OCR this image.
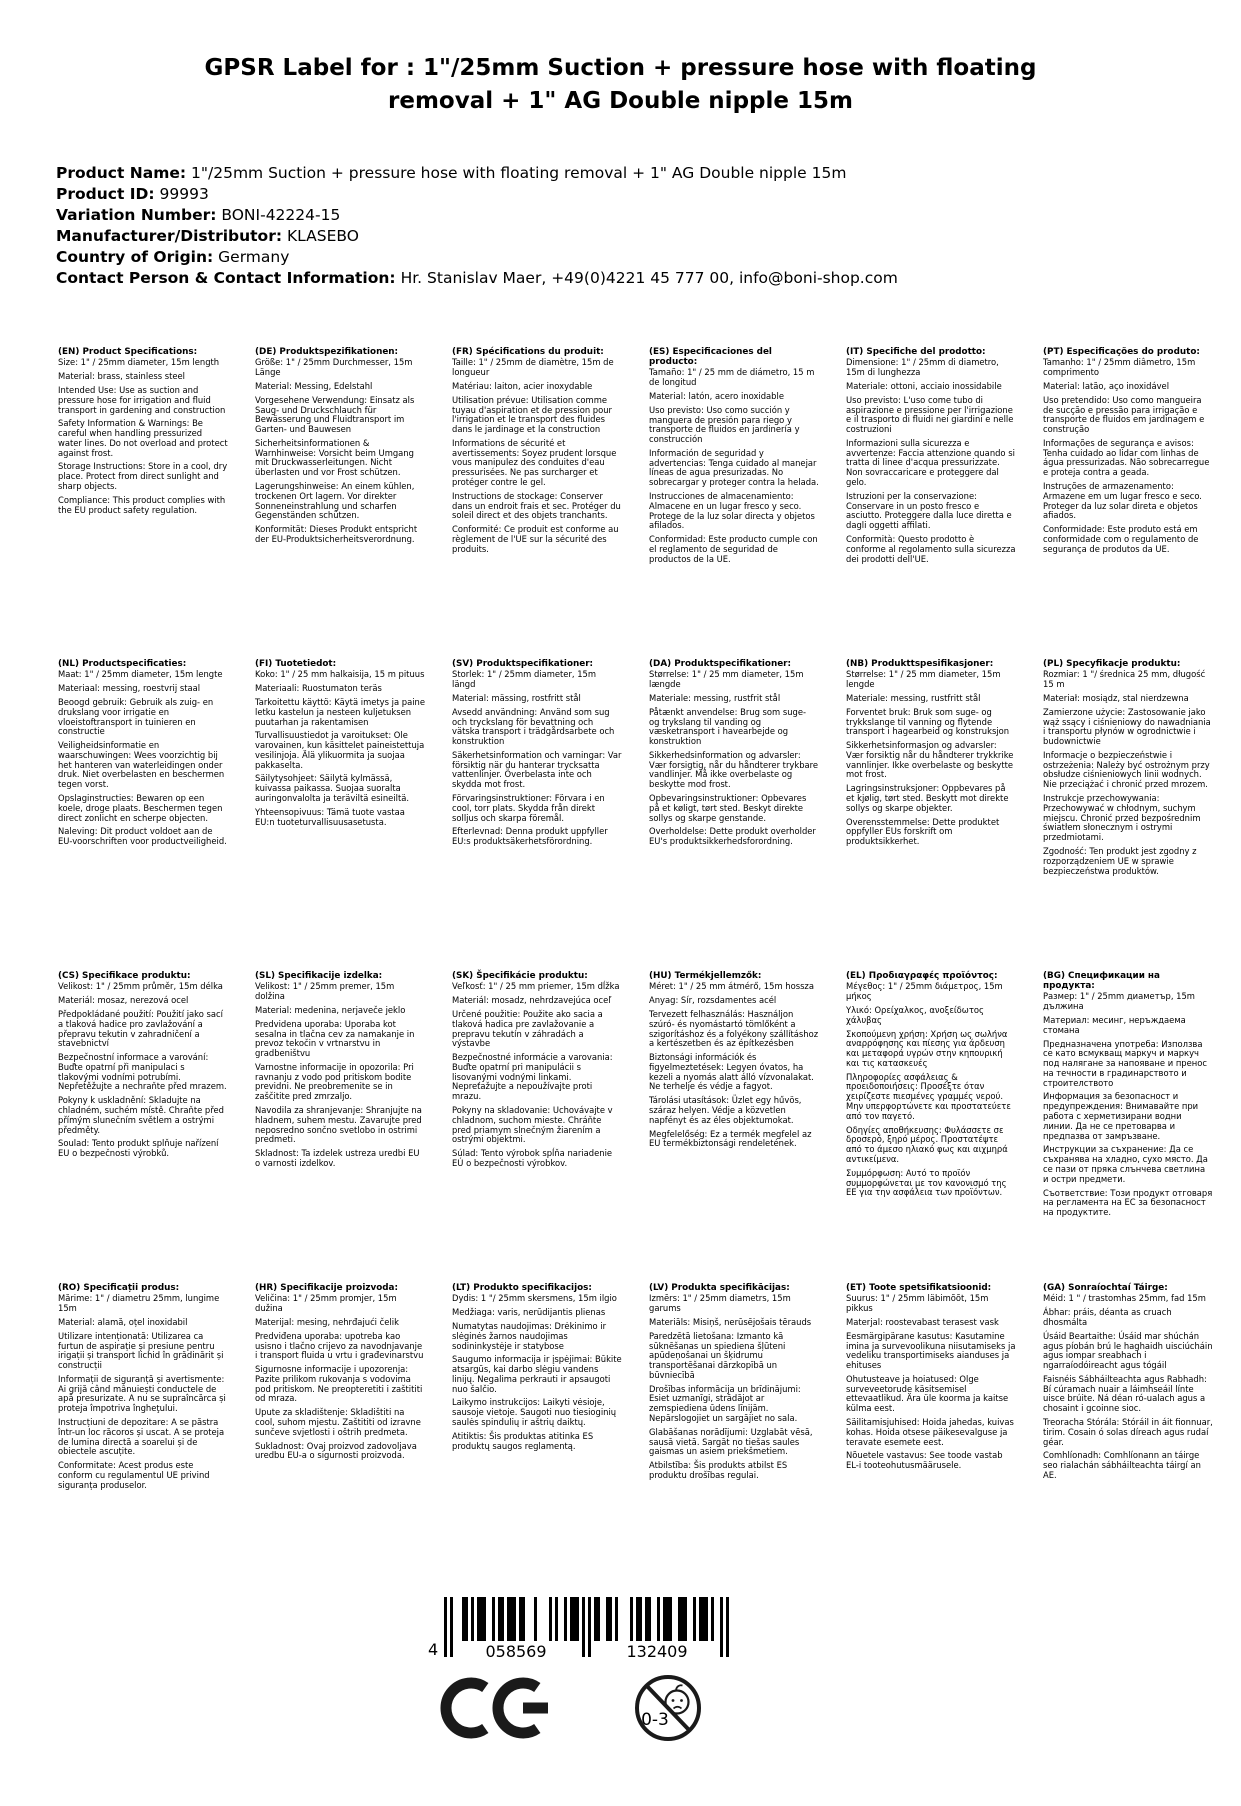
GPSR Label for : 1"/25mm Suction + pressure hose with floating removal + 1" AG Double nipple 15m
Product Name: 1"/25mm Suction + pressure hose with floating removal + 1" AG Double nipple 15m
Product ID: 99993
Variation Number: BONI-42224-15
Manufacturer/Distributor: KLASEBO
Country of Origin: Germany
Contact Person & Contact Information: Hr. Stanislav Maer, +49(0)4221 45 777 00, info@boni-shop.com
(EN) Product Specifications:

Size: 1" / 25mm diameter, 15m length

Material: brass, stainless steel

Intended Use: Use as suction and pressure hose for irrigation and fluid transport in gardening and construction

Safety Information & Warnings: Be careful when handling pressurized water lines. Do not overload and protect against frost.

Storage Instructions: Store in a cool, dry place. Protect from direct sunlight and sharp objects.

Compliance: This product complies with the EU product safety regulation.

(DE) Produktspezifikationen:

Größe: 1" / 25mm Durchmesser, 15m Länge

Material: Messing, Edelstahl

Vorgesehene Verwendung: Einsatz als Saug- und Druckschlauch für Bewässerung und Fluidtransport im Garten- und Bauwesen

Sicherheitsinformationen & Warnhinweise: Vorsicht beim Umgang mit Druckwasserleitungen. Nicht überlasten und vor Frost schützen.

Lagerungshinweise: An einem kühlen, trockenen Ort lagern. Vor direkter Sonneneinstrahlung und scharfen Gegenständen schützen.

Konformität: Dieses Produkt entspricht der EU-Produktsicherheitsverordnung.

(FR) Spécifications du produit:

Taille: 1" / 25mm de diamètre, 15m de longueur

Matériau: laiton, acier inoxydable

Utilisation prévue: Utilisation comme tuyau d'aspiration et de pression pour l'irrigation et le transport des fluides dans le jardinage et la construction

Informations de sécurité et avertissements: Soyez prudent lorsque vous manipulez des conduites d'eau pressurisées. Ne pas surcharger et protéger contre le gel.

Instructions de stockage: Conserver dans un endroit frais et sec. Protéger du soleil direct et des objets tranchants.

Conformité: Ce produit est conforme au règlement de l'UE sur la sécurité des produits.

(ES) Especificaciones del producto:

Tamaño: 1" / 25 mm de diámetro, 15 m de longitud

Material: latón, acero inoxidable

Uso previsto: Uso como succión y manguera de presión para riego y transporte de fluidos en jardinería y construcción

Información de seguridad y advertencias: Tenga cuidado al manejar líneas de agua presurizadas. No sobrecargar y proteger contra la helada.

Instrucciones de almacenamiento: Almacene en un lugar fresco y seco. Protege de la luz solar directa y objetos afilados.

Conformidad: Este producto cumple con el reglamento de seguridad de productos de la UE.

(IT) Specifiche del prodotto:

Dimensione: 1" / 25mm di diametro, 15m di lunghezza

Materiale: ottoni, acciaio inossidabile

Uso previsto: L'uso come tubo di aspirazione e pressione per l'irrigazione e il trasporto di fluidi nei giardini e nelle costruzioni

Informazioni sulla sicurezza e avvertenze: Faccia attenzione quando si tratta di linee d'acqua pressurizzate. Non sovraccaricare e proteggere dal gelo.

Istruzioni per la conservazione: Conservare in un posto fresco e asciutto. Proteggere dalla luce diretta e dagli oggetti affilati.

Conformità: Questo prodotto è conforme al regolamento sulla sicurezza dei prodotti dell'UE.

(PT) Especificações do produto:

Tamanho: 1" / 25mm diâmetro, 15m comprimento

Material: latão, aço inoxidável

Uso pretendido: Uso como mangueira de sucção e pressão para irrigação e transporte de fluidos em jardinagem e construção

Informações de segurança e avisos: Tenha cuidado ao lidar com linhas de água pressurizadas. Não sobrecarregue e proteja contra a geada.

Instruções de armazenamento: Armazene em um lugar fresco e seco. Proteger da luz solar direta e objetos afiados.

Conformidade: Este produto está em conformidade com o regulamento de segurança de produtos da UE.

(NL) Productspecificaties:

Maat: 1" / 25mm diameter, 15m lengte

Materiaal: messing, roestvrij staal

Beoogd gebruik: Gebruik als zuig- en drukslang voor irrigatie en vloeistoftransport in tuinieren en constructie

Veiligheidsinformatie en waarschuwingen: Wees voorzichtig bij het hanteren van waterleidingen onder druk. Niet overbelasten en beschermen tegen vorst.

Opslaginstructies: Bewaren op een koele, droge plaats. Beschermen tegen direct zonlicht en scherpe objecten.

Naleving: Dit product voldoet aan de EU-voorschriften voor productveiligheid.

(FI) Tuotetiedot:

Koko: 1" / 25 mm halkaisija, 15 m pituus

Materiaali: Ruostumaton teräs

Tarkoitettu käyttö: Käytä imetys ja paine letku kastelun ja nesteen kuljetuksen puutarhan ja rakentamisen

Turvallisuustiedot ja varoitukset: Ole varovainen, kun käsittelet paineistettuja vesilinjoja. Älä ylikuormita ja suojaa pakkaselta.

Säilytysohjeet: Säilytä kylmässä, kuivassa paikassa. Suojaa suoralta auringonvalolta ja teräviltä esineiltä.

Yhteensopivuus: Tämä tuote vastaa EU:n tuoteturvallisuusasetusta.

(SV) Produktspecifikationer:

Storlek: 1" / 25mm diameter, 15m längd

Material: mässing, rostfritt stål

Avsedd användning: Använd som sug och tryckslang för bevattning och vätska transport i trädgårdsarbete och konstruktion

Säkerhetsinformation och varningar: Var försiktig när du hanterar trycksatta vattenlinjer. Överbelasta inte och skydda mot frost.

Förvaringsinstruktioner: Förvara i en cool, torr plats. Skydda från direkt solljus och skarpa föremål.

Efterlevnad: Denna produkt uppfyller EU:s produktsäkerhetsförordning.

(DA) Produktspecifikationer:

Størrelse: 1" / 25 mm diameter, 15m længde

Materiale: messing, rustfrit stål

Påtænkt anvendelse: Brug som suge- og trykslang til vanding og væsketransport i havearbejde og konstruktion

Sikkerhedsinformation og advarsler: Vær forsigtig, når du håndterer trykbare vandlinjer. Må ikke overbelaste og beskytte mod frost.

Opbevaringsinstruktioner: Opbevares på et køligt, tørt sted. Beskyt direkte sollys og skarpe genstande.

Overholdelse: Dette produkt overholder EU's produktsikkerhedsforordning.

(NB) Produkttspesifikasjoner:

Størrelse: 1" / 25 mm diameter, 15m lengde

Materiale: messing, rustfritt stål

Forventet bruk: Bruk som suge- og trykkslange til vanning og flytende transport i hagearbeid og konstruksjon

Sikkerhetsinformasjon og advarsler: Vær forsiktig når du håndterer trykkrike vannlinjer. Ikke overbelaste og beskytte mot frost.

Lagringsinstruksjoner: Oppbevares på et kjølig, tørt sted. Beskytt mot direkte sollys og skarpe objekter.

Overensstemmelse: Dette produktet oppfyller EUs forskrift om produktsikkerhet.

(PL) Specyfikacje produktu:

Rozmiar: 1 "/ średnica 25 mm, długość 15 m

Materiał: mosiądz, stal nierdzewna

Zamierzone użycie: Zastosowanie jako wąż ssący i ciśnieniowy do nawadniania i transportu płynów w ogrodnictwie i budownictwie

Informacje o bezpieczeństwie i ostrzeżenia: Należy być ostrożnym przy obsłudze ciśnieniowych linii wodnych. Nie przeciążać i chronić przed mrozem.

Instrukcje przechowywania: Przechowywać w chłodnym, suchym miejscu. Chronić przed bezpośrednim światłem słonecznym i ostrymi przedmiotami.

Zgodność: Ten produkt jest zgodny z rozporządzeniem UE w sprawie bezpieczeństwa produktów.

(CS) Specifikace produktu:

Velikost: 1" / 25mm průměr, 15m délka

Materiál: mosaz, nerezová ocel

Předpokládané použití: Použití jako sací a tlaková hadice pro zavlažování a přepravu tekutin v zahradničení a stavebnictví

Bezpečnostní informace a varování: Buďte opatrní při manipulaci s tlakovými vodními potrubími. Nepřetěžujte a nechraňte před mrazem.

Pokyny k uskladnění: Skladujte na chladném, suchém místě. Chraňte před přímým slunečním světlem a ostrými předměty.

Soulad: Tento produkt splňuje nařízení EU o bezpečnosti výrobků.

(SL) Specifikacije izdelka:

Velikost: 1" / 25mm premer, 15m dolžina

Material: medenina, nerjaveče jeklo

Predvidena uporaba: Uporaba kot sesalna in tlačna cev za namakanje in prevoz tekočin v vrtnarstvu in gradbeništvu

Varnostne informacije in opozorila: Pri ravnanju z vodo pod pritiskom bodite previdni. Ne preobremenite se in zaščitite pred zmrzaljo.

Navodila za shranjevanje: Shranjujte na hladnem, suhem mestu. Zavarujte pred neposredno sončno svetlobo in ostrimi predmeti.

Skladnost: Ta izdelek ustreza uredbi EU o varnosti izdelkov.

(SK) Špecifikácie produktu:

Veľkosť: 1" / 25 mm priemer, 15m dĺžka

Materiál: mosadz, nehrdzavejúca oceľ

Určené použitie: Použite ako sacia a tlaková hadica pre zavlažovanie a prepravu tekutín v záhradách a výstavbe

Bezpečnostné informácie a varovania: Buďte opatrní pri manipulácii s lisovanými vodnými linkami. Nepreťažujte a nepoužívajte proti mrazu.

Pokyny na skladovanie: Uchovávajte v chladnom, suchom mieste. Chráňte pred priamym slnečným žiarením a ostrými objektmi.

Súlad: Tento výrobok spĺňa nariadenie EÚ o bezpečnosti výrobkov.

(HU) Termékjellemzők:

Méret: 1" / 25 mm átmérő, 15m hossza

Anyag: Sír, rozsdamentes acél

Tervezett felhasználás: Használjon szúró- és nyomástartó tömlőként a szigorításhoz és a folyékony szállításhoz a kertészetben és az építkezésben

Biztonsági információk és figyelmeztetések: Legyen óvatos, ha kezeli a nyomás alatt álló vízvonalakat. Ne terhelje és védje a fagyot.

Tárolási utasítások: Üzlet egy hűvös, száraz helyen. Védje a közvetlen napfényt és az éles objektumokat.

Megfelelőség: Ez a termék megfelel az EU termékbiztonsági rendeletének.

(EL) Προδιαγραφές προϊόντος:

Μέγεθος: 1" / 25mm διάμετρος, 15m μήκος

Υλικό: Ορείχαλκος, ανοξείδωτος χάλυβας

Σκοπούμενη χρήση: Χρήση ως σωλήνα αναρρόφησης και πίεσης για άρδευση και μεταφορά υγρών στην κηπουρική και τις κατασκευές

Πληροφορίες ασφάλειας & προειδοποιήσεις: Προσέξτε όταν χειρίζεστε πιεσμένες γραμμές νερού. Μην υπερφορτώνετε και προστατεύετε από τον παγετό.

Οδηγίες αποθήκευσης: Φυλάσσετε σε δροσερό, ξηρό μέρος. Προστατέψτε από το άμεσο ηλιακό φως και αιχμηρά αντικείμενα.

Συμμόρφωση: Αυτό το προϊόν συμμορφώνεται με τον κανονισμό της ΕΕ για την ασφάλεια των προϊόντων.

(BG) Спецификации на продукта:

Размер: 1" / 25mm диаметър, 15m дължина

Материал: месинг, неръждаема стомана

Предназначена употреба: Използва се като всмукващ маркуч и маркуч под налягане за напояване и пренос на течности в градинарството и строителството

Информация за безопасност и предупреждения: Внимавайте при работа с херметизирани водни линии. Да не се претоварва и предпазва от замръзване.

Инструкции за съхранение: Да се съхранява на хладно, сухо място. Да се пази от пряка слънчева светлина и остри предмети.

Съответствие: Този продукт отговаря на регламента на ЕС за безопасност на продуктите.

(RO) Specificații produs:

Mărime: 1" / diametru 25mm, lungime 15m

Material: alamă, oțel inoxidabil

Utilizare intenționată: Utilizarea ca furtun de aspirație și presiune pentru irigații și transport lichid în grădinărit și construcții

Informații de siguranță și avertismente: Ai grijă când mânuiești conductele de apă presurizate. A nu se supraîncărca și proteja împotriva îngheţului.

Instrucțiuni de depozitare: A se păstra într-un loc răcoros și uscat. A se proteja de lumina directă a soarelui și de obiectele ascuțite.

Conformitate: Acest produs este conform cu regulamentul UE privind siguranța produselor.

(HR) Specifikacije proizvoda:

Veličina: 1" / 25mm promjer, 15m dužina

Materijal: mesing, nehrđajući čelik

Predviđena uporaba: upotreba kao usisno i tlačno crijevo za navodnjavanje i transport fluida u vrtu i građevinarstvu

Sigurnosne informacije i upozorenja: Pazite prilikom rukovanja s vodovima pod pritiskom. Ne preopteretiti i zaštititi od mraza.

Upute za skladištenje: Skladištiti na cool, suhom mjestu. Zaštititi od izravne sunčeve svjetlosti i oštrih predmeta.

Sukladnost: Ovaj proizvod zadovoljava uredbu EU-a o sigurnosti proizvoda.

(LT) Produkto specifikacijos:

Dydis: 1 "/ 25mm skersmens, 15m ilgio

Medžiaga: varis, nerūdijantis plienas

Numatytas naudojimas: Drėkinimo ir slėginės žarnos naudojimas sodininkystėje ir statybose

Saugumo informacija ir įspėjimai: Būkite atsargūs, kai darbo slėgiu vandens linijų. Negalima perkrauti ir apsaugoti nuo šalčio.

Laikymo instrukcijos: Laikyti vėsioje, sausoje vietoje. Saugoti nuo tiesioginių saulės spindulių ir aštrių daiktų.

Atitiktis: Šis produktas atitinka ES produktų saugos reglamentą.

(LV) Produkta specifikācijas:

Izmērs: 1" / 25mm diametrs, 15m garums

Materiāls: Misiņš, nerūsējošais tērauds

Paredzētā lietošana: Izmanto kā sūknēšanas un spiediena šļūteni apūdeņošanai un šķidrumu transportēšanai dārzkopībā un būvniecībā

Drošības informācija un brīdinājumi: Esiet uzmanīgi, strādājot ar zemspiediena ūdens līnijām. Nepārslogojiet un sargājiet no sala.

Glabāšanas norādījumi: Uzglabāt vēsā, sausā vietā. Sargāt no tiešas saules gaismas un asiem priekšmetiem.

Atbilstība: Šis produkts atbilst ES produktu drošības regulai.

(ET) Toote spetsifikatsioonid:

Suurus: 1" / 25mm läbimõõt, 15m pikkus

Materjal: roostevabast terasest vask

Eesmärgipärane kasutus: Kasutamine imina ja survevoolikuna niisutamiseks ja vedeliku transportimiseks aianduses ja ehituses

Ohutusteave ja hoiatused: Olge surveveetorude käsitsemisel ettevaatlikud. Ära üle koorma ja kaitse külma eest.

Säilitamisjuhised: Hoida jahedas, kuivas kohas. Hoida otsese päikesevalguse ja teravate esemete eest.

Nõuetele vastavus: See toode vastab EL-i tooteohutusmäärusele.

(GA) Sonraíochtaí Táirge:

Méid: 1 " / trastomhas 25mm, fad 15m

Ábhar: práis, déanta as cruach dhosmálta

Úsáid Beartaithe: Úsáid mar shúchán agus píobán brú le haghaidh uisciúcháin agus iompar sreabhach i ngarraíodóireacht agus tógáil

Faisnéis Sábháilteachta agus Rabhadh: Bí cúramach nuair a láimhseáil línte uisce brúite. Ná déan ró-ualach agus a chosaint i gcoinne sioc.

Treoracha Stórála: Stóráil in áit fionnuar, tirim. Cosain ó solas díreach agus rudaí géar.

Comhlíonadh: Comhlíonann an táirge seo rialachán sábháilteachta táirgí an AE.

4	058569	132409
0-3
